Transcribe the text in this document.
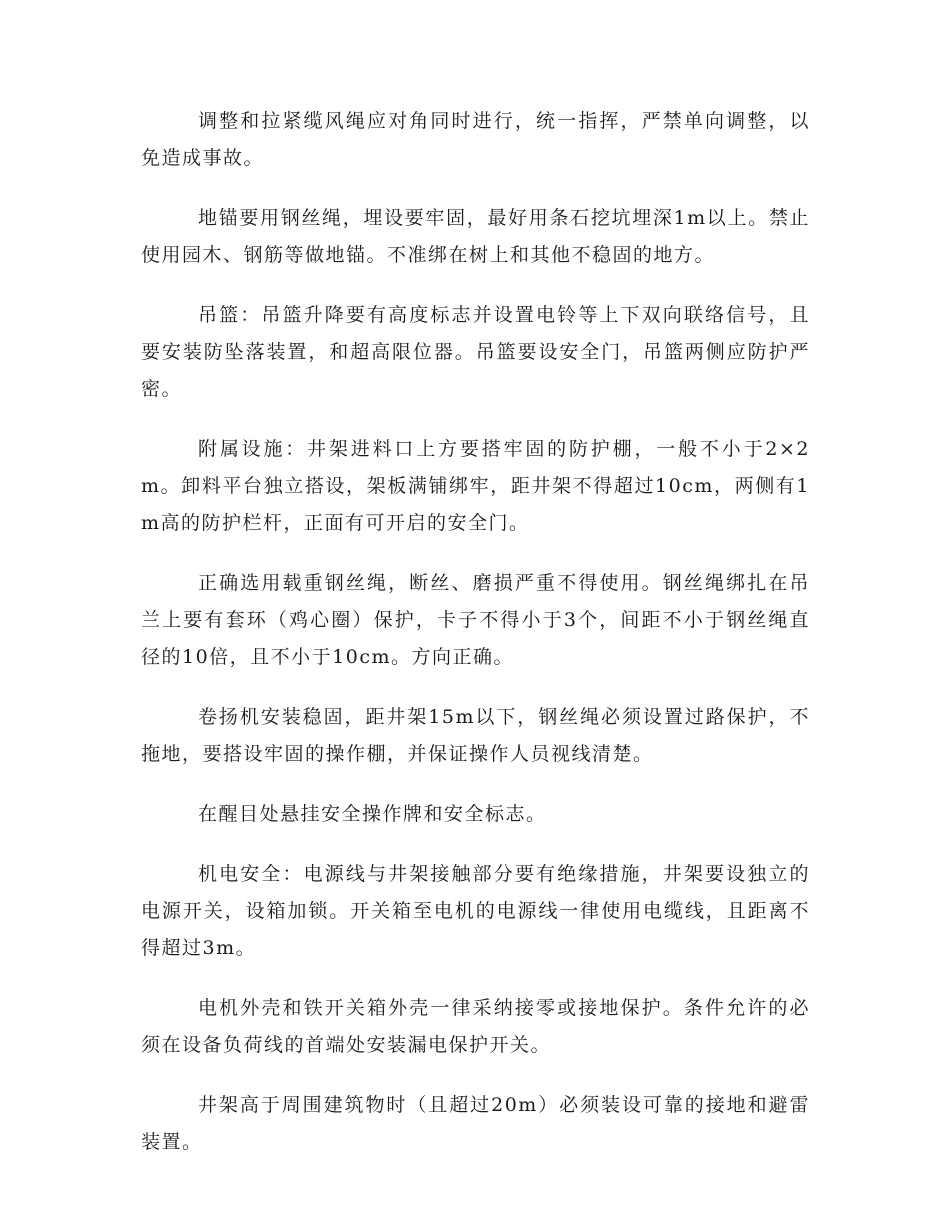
调整和拉紧缆风绳应对角同时进行，统一指挥，严禁单向调整，以免造成事故。

地锚要用钢丝绳，埋设要牢固，最好用条石挖坑埋深1m以上。禁止使用园木、钢筋等做地锚。不准绑在树上和其他不稳固的地方。

吊篮：吊篮升降要有高度标志并设置电铃等上下双向联络信号，且要安装防坠落装置，和超高限位器。吊篮要设安全门，吊篮两侧应防护严密。

附属设施：井架进料口上方要搭牢固的防护棚，一般不小于2×2m。卸料平台独立搭设，架板满铺绑牢，距井架不得超过10cm，两侧有1m高的防护栏杆，正面有可开启的安全门。

正确选用载重钢丝绳，断丝、磨损严重不得使用。钢丝绳绑扎在吊兰上要有套环（鸡心圈）保护，卡子不得小于3个，间距不小于钢丝绳直径的10倍，且不小于10cm。方向正确。

卷扬机安装稳固，距井架15m以下，钢丝绳必须设置过路保护，不拖地，要搭设牢固的操作棚，并保证操作人员视线清楚。

在醒目处悬挂安全操作牌和安全标志。

机电安全：电源线与井架接触部分要有绝缘措施，井架要设独立的电源开关，设箱加锁。开关箱至电机的电源线一律使用电缆线，且距离不得超过3m。

电机外壳和铁开关箱外壳一律采纳接零或接地保护。条件允许的必须在设备负荷线的首端处安装漏电保护开关。

井架高于周围建筑物时（且超过20m）必须装设可靠的接地和避雷装置。
